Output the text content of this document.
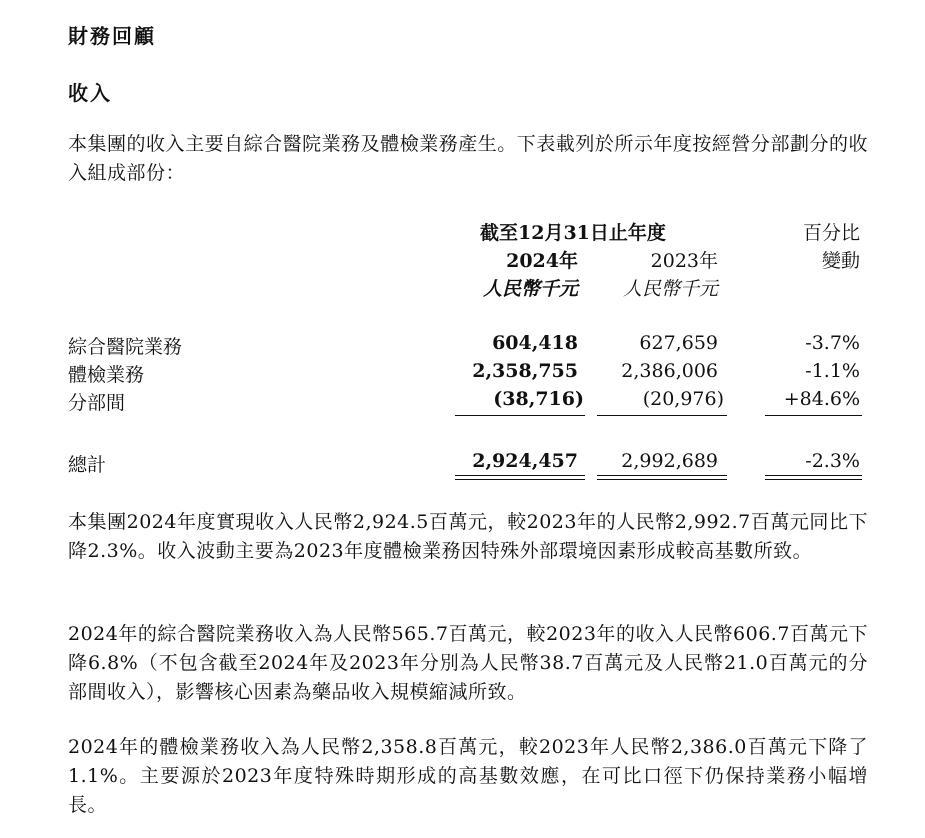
財務回顧
收入
本集團的收入主要自綜合醫院業務及體檢業務產生。下表載列於所示年度按經營分部劃分的收入組成部份：
截至12月31日止年度
2024年	2023年
人民幣千元	人民幣千元
百分比
變動
綜合醫院業務	604,418	627,659	-3.7%
體檢業務	2,358,755	2,386,006	-1.1%
分部間	(38,716)	(20,976)	+84.6%
總計	2,924,457	2,992,689	-2.3%
本集團2024年度實現收入人民幣2,924.5百萬元，較2023年的人民幣2,992.7百萬元同比下降2.3%。收入波動主要為2023年度體檢業務因特殊外部環境因素形成較高基數所致。
2024年的綜合醫院業務收入為人民幣565.7百萬元，較2023年的收入人民幣606.7百萬元下降6.8%（不包含截至2024年及2023年分別為人民幣38.7百萬元及人民幣21.0百萬元的分部間收入），影響核心因素為藥品收入規模縮減所致。
2024年的體檢業務收入為人民幣2,358.8百萬元，較2023年人民幣2,386.0百萬元下降了1.1%。主要源於2023年度特殊時期形成的高基數效應，在可比口徑下仍保持業務小幅增長。
